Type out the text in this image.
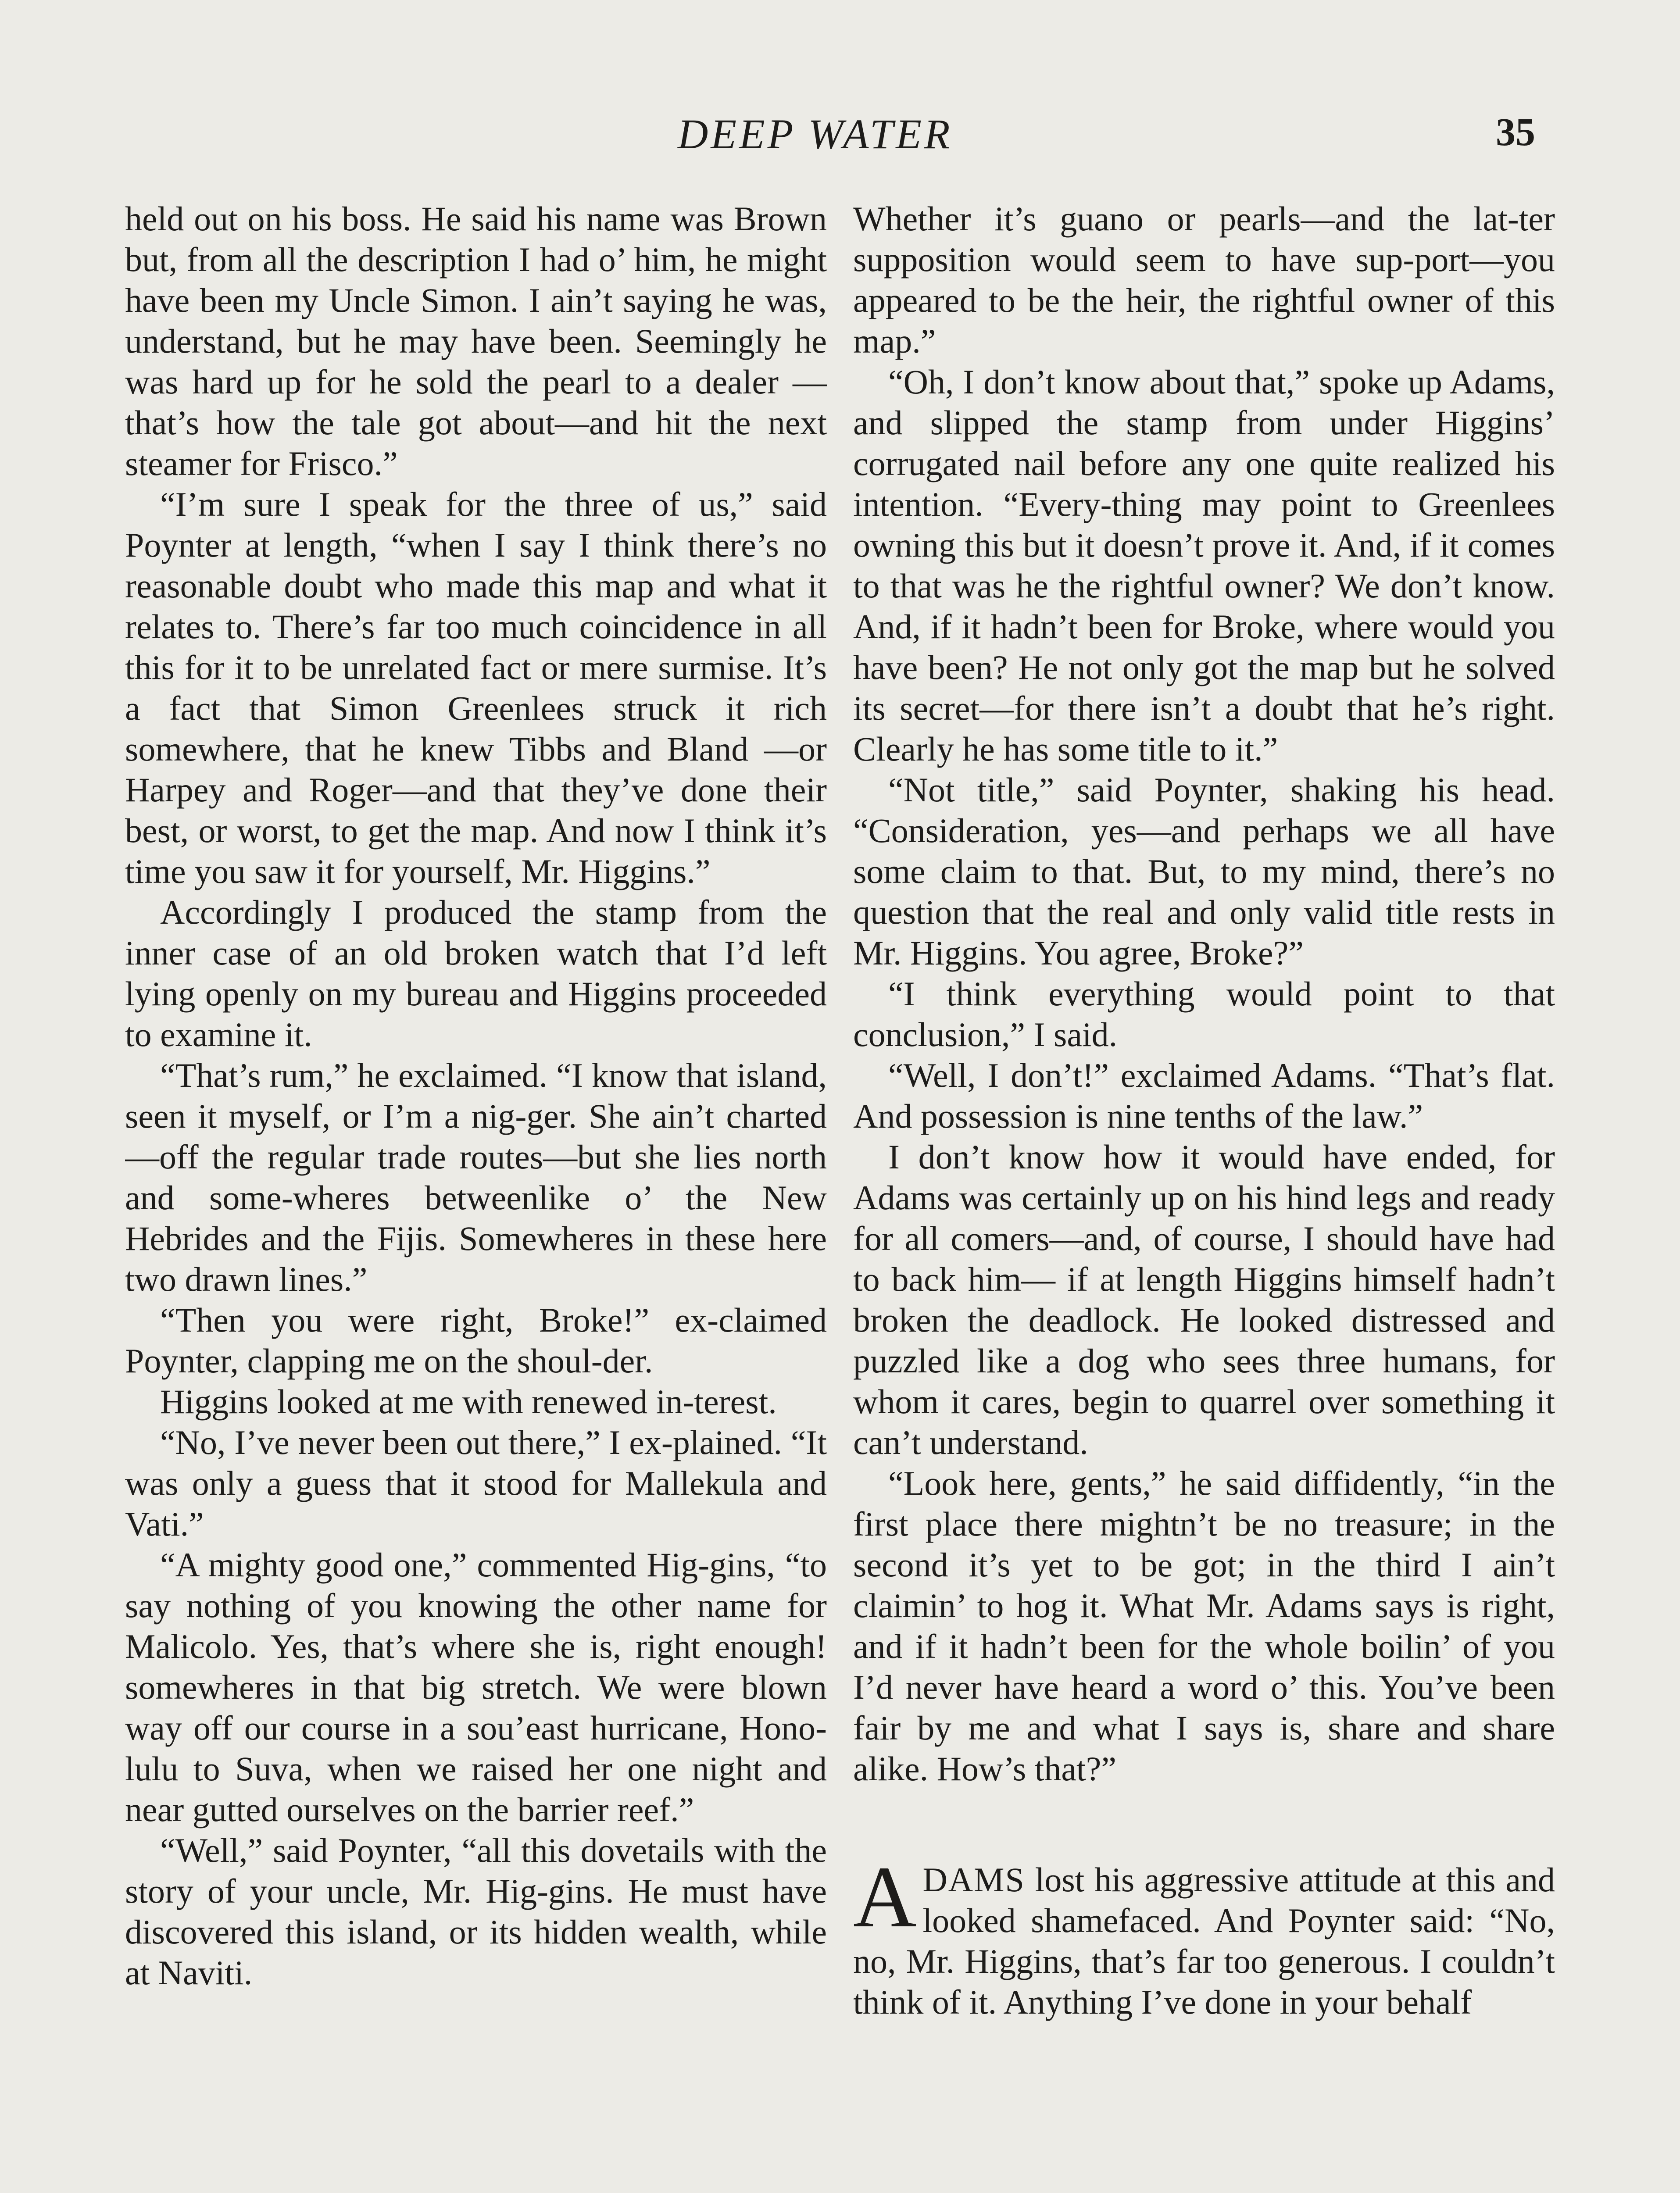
DEEP WATER	35

held out on his boss. He said his name was Brown but, from all the description I had o’ him, he might have been my Uncle Simon. I ain’t saying he was, understand, but he may have been. Seemingly he was hard up for he sold the pearl to a dealer —that’s how the tale got about—and hit the next steamer for Frisco.”

“I’m sure I speak for the three of us,” said Poynter at length, “when I say I think there’s no reasonable doubt who made this map and what it relates to. There’s far too much coincidence in all this for it to be unrelated fact or mere surmise. It’s a fact that Simon Greenlees struck it rich somewhere, that he knew Tibbs and Bland —or Harpey and Roger—and that they’ve done their best, or worst, to get the map. And now I think it’s time you saw it for yourself, Mr. Higgins.”

Accordingly I produced the stamp from the inner case of an old broken watch that I’d left lying openly on my bureau and Higgins proceeded to examine it.

“That’s rum,” he exclaimed. “I know that island, seen it myself, or I’m a nig-ger. She ain’t charted—off the regular trade routes—but she lies north and some-wheres betweenlike o’ the New Hebrides and the Fijis. Somewheres in these here two drawn lines.”

“Then you were right, Broke!” ex-claimed Poynter, clapping me on the shoul-der.

Higgins looked at me with renewed in-terest.

“No, I’ve never been out there,” I ex-plained. “It was only a guess that it stood for Mallekula and Vati.”

“A mighty good one,” commented Hig-gins, “to say nothing of you knowing the other name for Malicolo. Yes, that’s where she is, right enough! somewheres in that big stretch. We were blown way off our course in a sou’east hurricane, Hono-lulu to Suva, when we raised her one night and near gutted ourselves on the barrier reef.”

“Well,” said Poynter, “all this dovetails with the story of your uncle, Mr. Hig-gins. He must have discovered this island, or its hidden wealth, while at Naviti.

Whether it’s guano or pearls—and the lat-ter supposition would seem to have sup-port—you appeared to be the heir, the rightful owner of this map.”

“Oh, I don’t know about that,” spoke up Adams, and slipped the stamp from under Higgins’ corrugated nail before any one quite realized his intention. “Every-thing may point to Greenlees owning this but it doesn’t prove it. And, if it comes to that was he the rightful owner? We don’t know. And, if it hadn’t been for Broke, where would you have been? He not only got the map but he solved its secret—for there isn’t a doubt that he’s right. Clearly he has some title to it.”

“Not title,” said Poynter, shaking his head. “Consideration, yes—and perhaps we all have some claim to that. But, to my mind, there’s no question that the real and only valid title rests in Mr. Higgins. You agree, Broke?”

“I think everything would point to that conclusion,” I said.

“Well, I don’t!” exclaimed Adams. “That’s flat. And possession is nine tenths of the law.”

I don’t know how it would have ended, for Adams was certainly up on his hind legs and ready for all comers—and, of course, I should have had to back him— if at length Higgins himself hadn’t broken the deadlock. He looked distressed and puzzled like a dog who sees three humans, for whom it cares, begin to quarrel over something it can’t understand.

“Look here, gents,” he said diffidently, “in the first place there mightn’t be no treasure; in the second it’s yet to be got; in the third I ain’t claimin’ to hog it. What Mr. Adams says is right, and if it hadn’t been for the whole boilin’ of you I’d never have heard a word o’ this. You’ve been fair by me and what I says is, share and share alike. How’s that?”

ADAMS lost his aggressive attitude at this and looked shamefaced. And Poynter said: “No, no, Mr. Higgins, that’s far too generous. I couldn’t think of it. Anything I’ve done in your behalf
